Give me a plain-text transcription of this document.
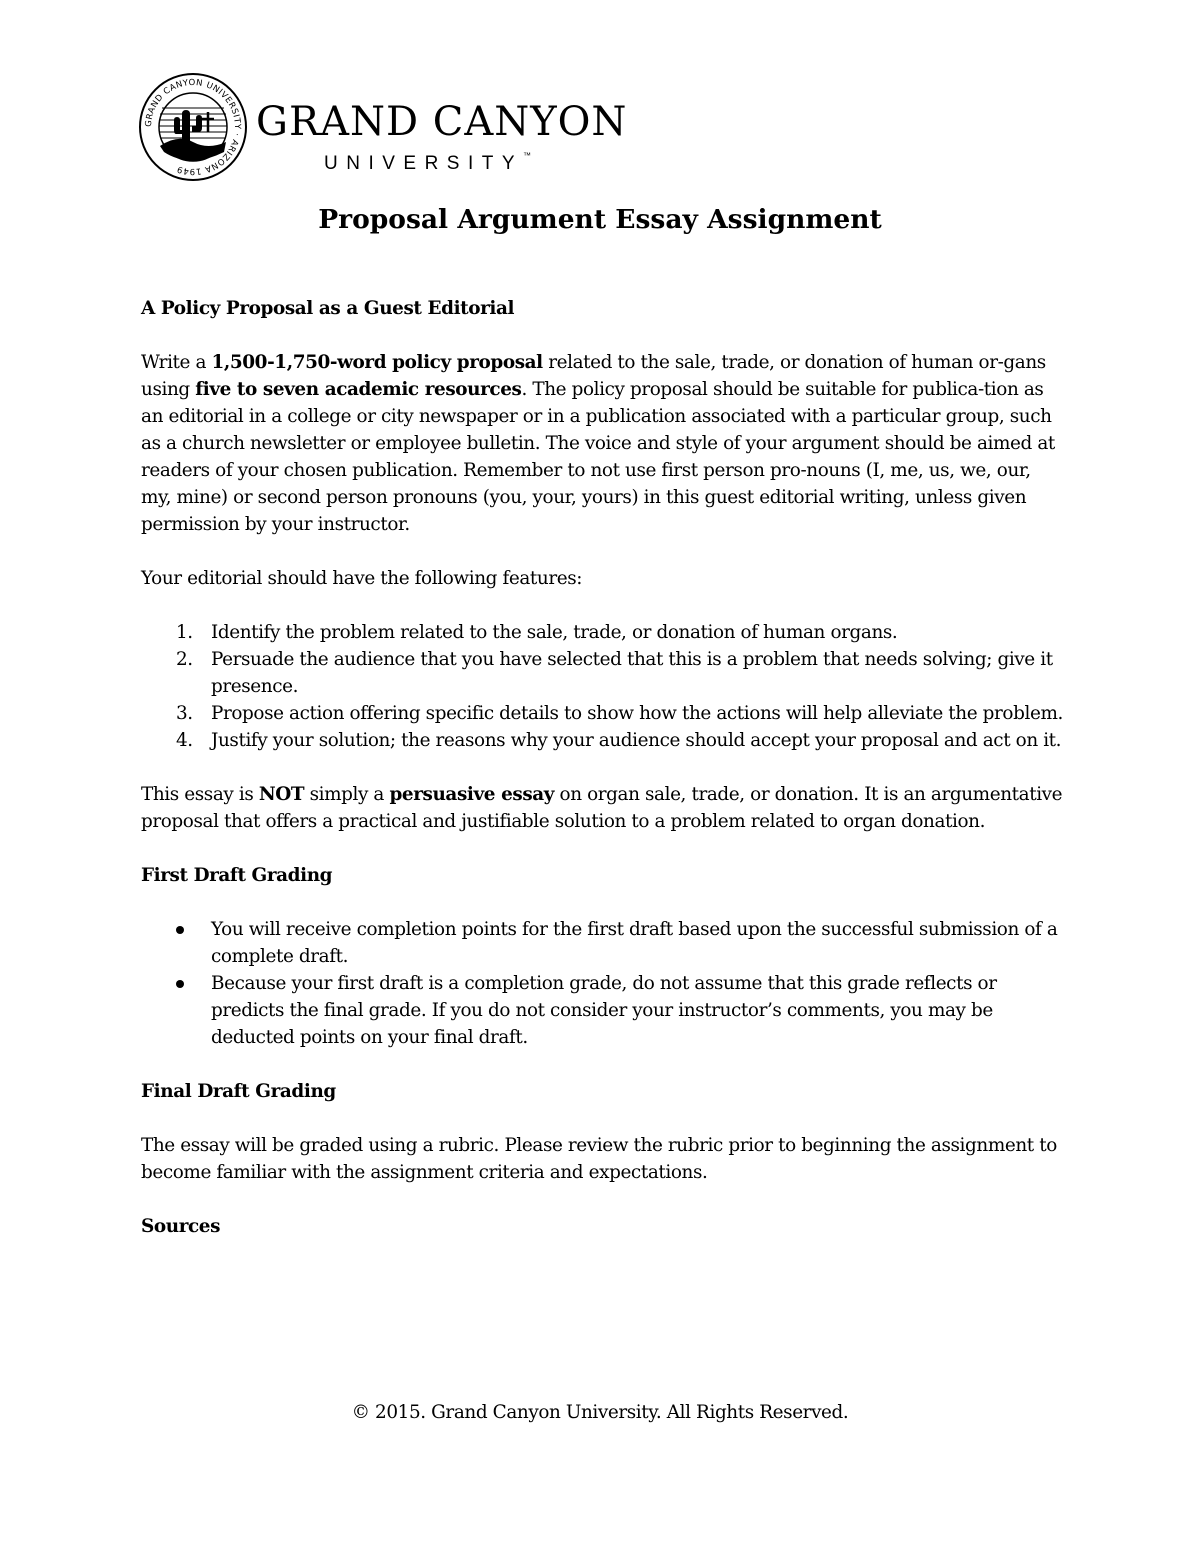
GRAND CANYON UNIVERSITY · ARIZONA 1949
GRAND CANYON
UNIVERSITY™
Proposal Argument Essay Assignment

A Policy Proposal as a Guest Editorial

Write a 1,500-1,750-word policy proposal related to the sale, trade, or donation of human or-gans using five to seven academic resources. The policy proposal should be suitable for publica-tion as an editorial in a college or city newspaper or in a publication associated with a particular group, such as a church newsletter or employee bulletin. The voice and style of your argument should be aimed at readers of your chosen publication. Remember to not use first person pro-nouns (I, me, us, we, our, my, mine) or second person pronouns (you, your, yours) in this guest editorial writing, unless given permission by your instructor.

Your editorial should have the following features:

1. Identify the problem related to the sale, trade, or donation of human organs.
2. Persuade the audience that you have selected that this is a problem that needs solving; give it presence.
3. Propose action offering specific details to show how the actions will help alleviate the problem.
4. Justify your solution; the reasons why your audience should accept your proposal and act on it.

This essay is NOT simply a persuasive essay on organ sale, trade, or donation. It is an argumentative proposal that offers a practical and justifiable solution to a problem related to organ donation.

First Draft Grading

You will receive completion points for the first draft based upon the successful submission of a complete draft.
Because your first draft is a completion grade, do not assume that this grade reflects or predicts the final grade. If you do not consider your instructor’s comments, you may be deducted points on your final draft.

Final Draft Grading

The essay will be graded using a rubric. Please review the rubric prior to beginning the assignment to become familiar with the assignment criteria and expectations.

Sources

© 2015. Grand Canyon University. All Rights Reserved.
